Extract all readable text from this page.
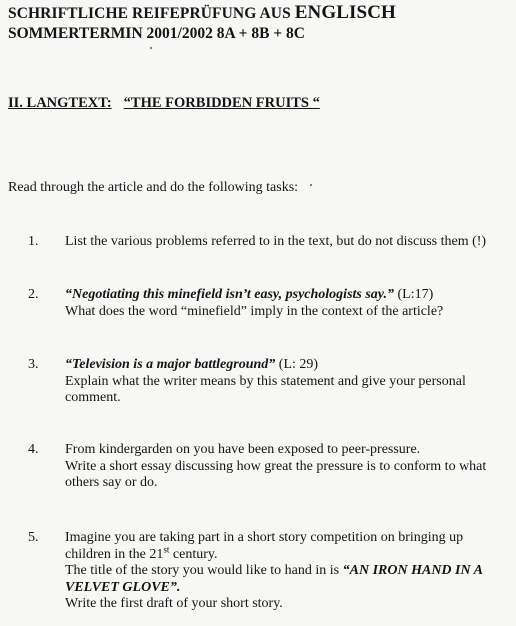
SCHRIFTLICHE REIFEPRÜFUNG AUS ENGLISCH
SOMMERTERMIN 2001/2002 8A + 8B + 8C
II. LANGTEXT: “THE FORBIDDEN FRUITS “
Read through the article and do the following tasks:
1. List the various problems referred to in the text, but do not discuss them (!)
2. “Negotiating this minefield isn’t easy, psychologists say.” (L:17)
What does the word “minefield” imply in the context of the article?
3. “Television is a major battleground” (L: 29)
Explain what the writer means by this statement and give your personal
comment.
4. From kindergarden on you have been exposed to peer-pressure.
Write a short essay discussing how great the pressure is to conform to what
others say or do.
5. Imagine you are taking part in a short story competition on bringing up
children in the 21st century.
The title of the story you would like to hand in is “AN IRON HAND IN A
VELVET GLOVE”.
Write the first draft of your short story.
